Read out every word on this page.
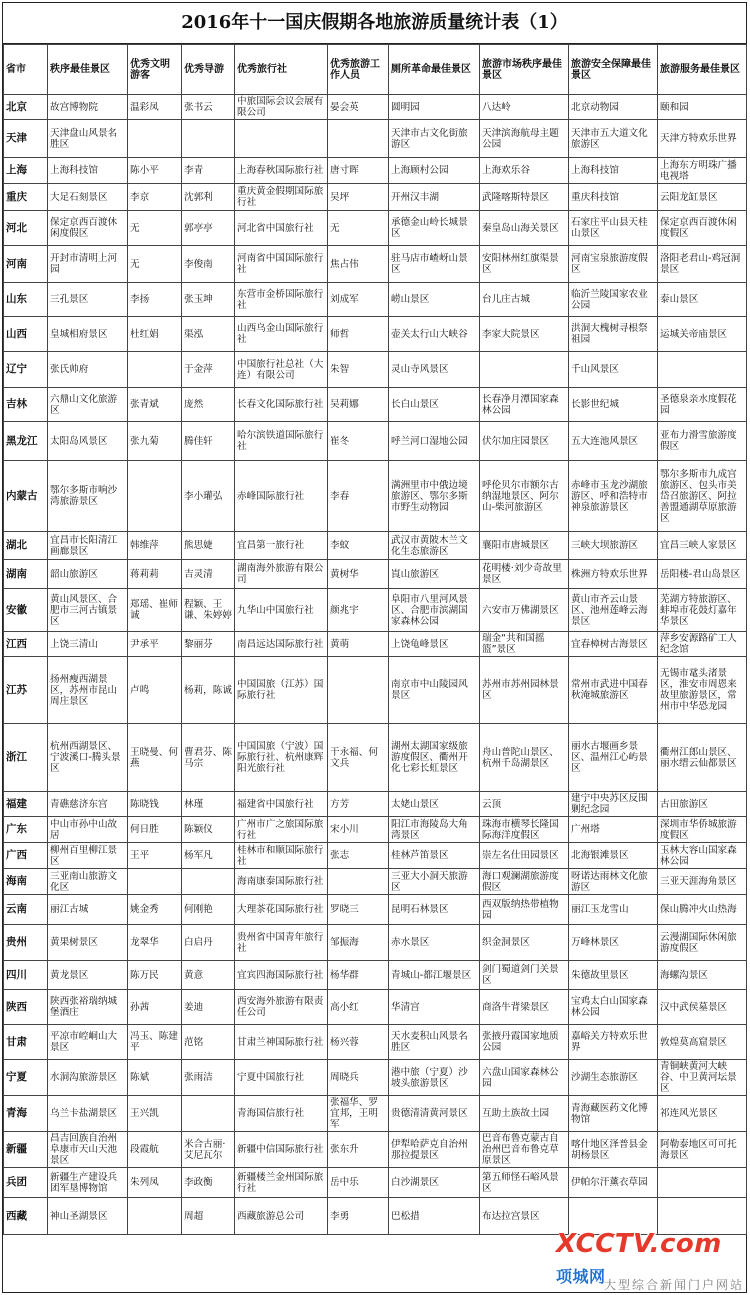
2016年十一国庆假期各地旅游质量统计表（1）
省市	秩序最佳景区	优秀文明游客	优秀导游	优秀旅行社	优秀旅游工作人员	厕所革命最佳景区	旅游市场秩序最佳景区	旅游安全保障最佳景区	旅游服务最佳景区
北京	故宫博物院	温彩凤	张书云	中旅国际会议会展有限公司	晏会英	圆明园	八达岭	北京动物园	颐和园
天津	天津盘山风景名胜区					天津市古文化街旅游区	天津滨海航母主题公园	天津市五大道文化旅游区	天津方特欢乐世界
上海	上海科技馆	陈小平	李青	上海春秋国际旅行社	唐寸晖	上海顾村公园	上海欢乐谷	上海科技馆	上海东方明珠广播电视塔
重庆	大足石刻景区	李京	沈郭利	重庆黄金假期国际旅行社	吴坪	开州汉丰湖	武隆喀斯特景区	重庆科技馆	云阳龙缸景区
河北	保定京西百渡休闲度假区	无	郭亭亭	河北省中国旅行社	无	承德金山岭长城景区	秦皇岛山海关景区	石家庄平山县天桂山景区	保定京西百渡休闲度假区
河南	开封市清明上河园	无	李俊南	河南省中国国际旅行社	焦占伟	驻马店市嵖岈山景区	安阳林州红旗渠景区	河南宝泉旅游度假区	洛阳老君山-鸡冠洞景区
山东	三孔景区	李扬	张玉坤	东营市金桥国际旅行社	刘成军	崂山景区	台儿庄古城	临沂兰陵国家农业公园	泰山景区
山西	皇城相府景区	杜红娟	渠泓	山西乌金山国际旅行社	师哲	壶关太行山大峡谷	李家大院景区	洪洞大槐树寻根祭祖园	运城关帝庙景区
辽宁	张氏帅府		于金萍	中国旅行社总社（大连）有限公司	朱智	灵山寺风景区		千山风景区	
吉林	六鼎山文化旅游区	张青斌	庞然	长春文化国际旅行社	吴莉娜	长白山景区	长春净月潭国家森林公园	长影世纪城	圣德泉亲水度假花园
黑龙江	太阳岛风景区	张九菊	腾佳轩	哈尔滨铁道国际旅行社	崔冬	呼兰河口湿地公园	伏尔加庄园景区	五大连池风景区	亚布力滑雪旅游度假区
内蒙古	鄂尔多斯市响沙湾旅游景区		李小瓘弘	赤峰国际旅行社	李春	满洲里市中俄边境旅游区、鄂尔多斯市野生动物园	呼伦贝尔市额尔古纳湿地景区、阿尔山-柴河旅游区	赤峰市玉龙沙湖旅游区、呼和浩特市神泉旅游景区	鄂尔多斯市九成宫旅游区、包头市美岱召旅游区、阿拉善盟通湖草原旅游区
湖北	宜昌市长阳清江画廊景区	韩维萍	熊思婕	宜昌第一旅行社	李蚊	武汉市黄陂木兰文化生态旅游区	襄阳市唐城景区	三峡大坝旅游区	宜昌三峡人家景区
湖南	韶山旅游区	蒋莉莉	吉灵清	湖南海外旅游有限公司	黄树华	崀山旅游区	花明楼·刘少奇故里景区	株洲方特欢乐世界	岳阳楼-君山岛景区
安徽	黄山风景区、合肥市三河古镇景区	郑瑶、崔师诚	程颖、王谦、朱婷婷	九华山中国旅行社	颜兆宇	阜阳市八里河风景区、合肥市滨湖国家森林公园	六安市万佛湖景区	黄山市齐云山景区、池州莲峰云海景区	芜湖方特旅游区、蚌埠市花鼓灯嘉年华景区
江西	上饶三清山	尹承平	黎丽芬	南昌远达国际旅行社	黄萌	上饶龟峰景区	瑞金“共和国摇篮”景区	宜春樟树古海景区	萍乡安源路矿工人纪念馆
江苏	扬州瘦西湖景区，苏州市昆山周庄景区	卢鸣	杨莉，陈诚	中国国旅（江苏）国际旅行社		南京市中山陵园风景区	苏州市苏州园林景区	常州市武进中国春秋淹城旅游区	无锡市鼋头渚景区，淮安市周恩来故里旅游景区，常州市中华恐龙园
浙江	杭州西湖景区、宁波溪口-腾头景区	王晓曼、何燕	曹君芬、陈马宗	中国国旅（宁波）国际旅行社、杭州康辉阳光旅行社	干永福、何文兵	湖州太湖国家级旅游度假区、衢州开化七彩长虹景区	舟山普陀山景区、杭州千岛湖景区	丽水古堰画乡景区、温州江心屿景区	衢州江郎山景区、丽水缙云仙都景区
福建	青礁慈济东宫	陈晓钱	林瑾	福建省中国旅行社	方芳	太姥山景区	云顶	建宁中央苏区反围剿纪念园	古田旅游区
广东	中山市孙中山故居	何日胜	陈颖仪	广州市广之旅国际旅行社	宋小川	阳江市海陵岛大角湾景区	珠海市横琴长隆国际海洋度假区	广州塔	深圳市华侨城旅游度假区
广西	柳州百里柳江景区	王平	杨军凡	桂林市和顺国际旅行社	张志	桂林芦笛景区	崇左名仕田园景区	北海银滩景区	玉林大容山国家森林公园
海南	三亚南山旅游文化区			海南康泰国际旅行社		三亚大小洞天旅游区	海口观澜湖旅游度假区	呀诺达雨林文化旅游区	三亚天涯海角景区
云南	丽江古城	姚金秀	何刚艳	大理茶花国际旅行社	罗晓三	昆明石林景区	西双版纳热带植物园	丽江玉龙雪山	保山腾冲火山热海
贵州	黄果树景区	龙翠华	白启丹	贵州省中国青年旅行社	邹振海	赤水景区	织金洞景区	万峰林景区	云漫湖国际休闲旅游度假区
四川	黄龙景区	陈万民	黄意	宜宾四海国际旅行社	杨华群	青城山-都江堰景区	剑门蜀道剑门关景区	朱德故里景区	海螺沟景区
陕西	陕西张裕瑞纳城堡酒庄	孙茜	姜迪	西安海外旅游有限责任公司	高小红	华清宫	商洛牛背梁景区	宝鸡太白山国家森林公园	汉中武侯墓景区
甘肃	平凉市崆峒山大景区	冯玉、陈建平	范铭	甘肃兰神国际旅行社	杨兴蓉	天水麦积山风景名胜区	张掖丹霞国家地质公园	嘉峪关方特欢乐世界	敦煌莫高窟景区
宁夏	水洞沟旅游景区	陈斌	张雨洁	宁夏中国旅行社	周晓兵	港中旅（宁夏）沙坡头旅游景区	六盘山国家森林公园	沙湖生态旅游区	青铜峡黄河大峡谷、中卫黄河坛景区
青海	乌兰卡盐湖景区	王兴凯		青海国信旅行社	张福华、罗宜邦，王明军	贵德清清黄河景区	互助土族故土园	青海藏医药文化博物馆	祁连风光景区
新疆	昌吉回族自治州阜康市天山天池景区	段霞航	米合古丽·艾尼瓦尔	新疆中信国际旅行社	张东升	伊犁哈萨克自治州那拉提景区	巴音布鲁克蒙古自治州巴音布鲁克草原景区	喀什地区泽普县金胡杨景区	阿勒泰地区可可托海景区
兵团	新疆生产建设兵团军垦博物馆	朱列凤	李政衡	新疆楼兰金州国际旅行社	岳中乐	白沙湖景区	第五师怪石峪风景区	伊帕尔汗薰衣草园	
西藏	神山圣湖景区		周超	西藏旅游总公司	李勇	巴松措	布达拉宫景区		
XCCTV.com 项城网
大型综合新闻门户网站
